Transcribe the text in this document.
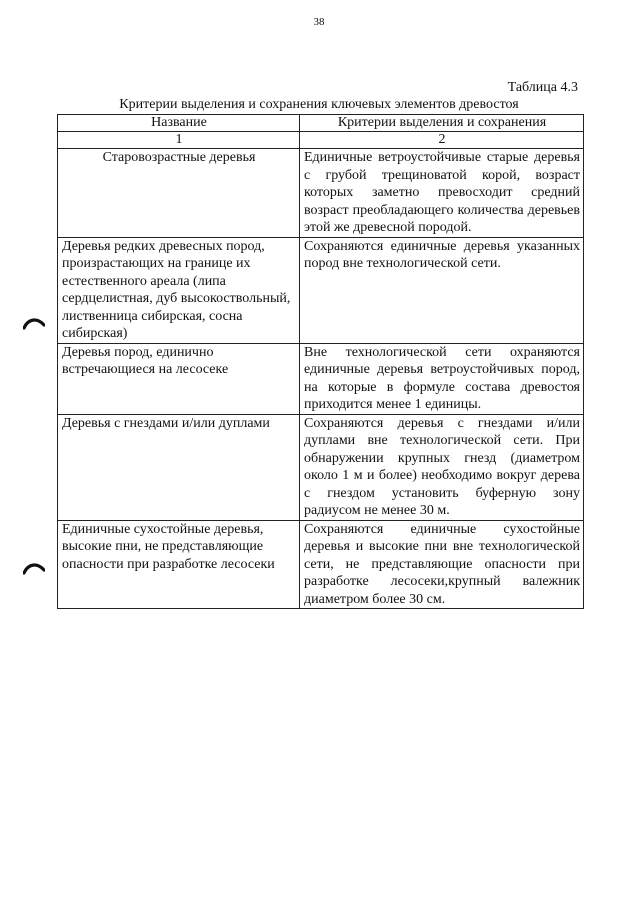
38
Таблица 4.3
Критерии выделения и сохранения ключевых элементов древостоя
Название	Критерии выделения и сохранения
1	2
Старовозрастные деревья	Единичные ветроустойчивые старые деревья с грубой трещиноватой корой, возраст которых заметно превосходит средний возраст преобладающего количества деревьев этой же древесной породой.
Деревья редких древесных пород, произрастающих на границе их естественного ареала (липа сердцелистная, дуб высокоствольный, лиственница сибирская, сосна сибирская)	Сохраняются единичные деревья указанных пород вне технологической сети.
Деревья пород, единично встречающиеся на лесосеке	Вне технологической сети охраняются единичные деревья ветроустойчивых пород, на которые в формуле состава древостоя приходится менее 1 единицы.
Деревья с гнездами и/или дуплами	Сохраняются деревья с гнездами и/или дуплами вне технологической сети. При обнаружении крупных гнезд (диаметром около 1 м и более) необходимо вокруг дерева с гнездом установить буферную зону радиусом не менее 30 м.
Единичные сухостойные деревья, высокие пни, не представляющие опасности при разработке лесосеки	Сохраняются единичные сухостойные деревья и высокие пни вне технологической сети, не представляющие опасности при разработке лесосеки,крупный валежник диаметром более 30 см.
